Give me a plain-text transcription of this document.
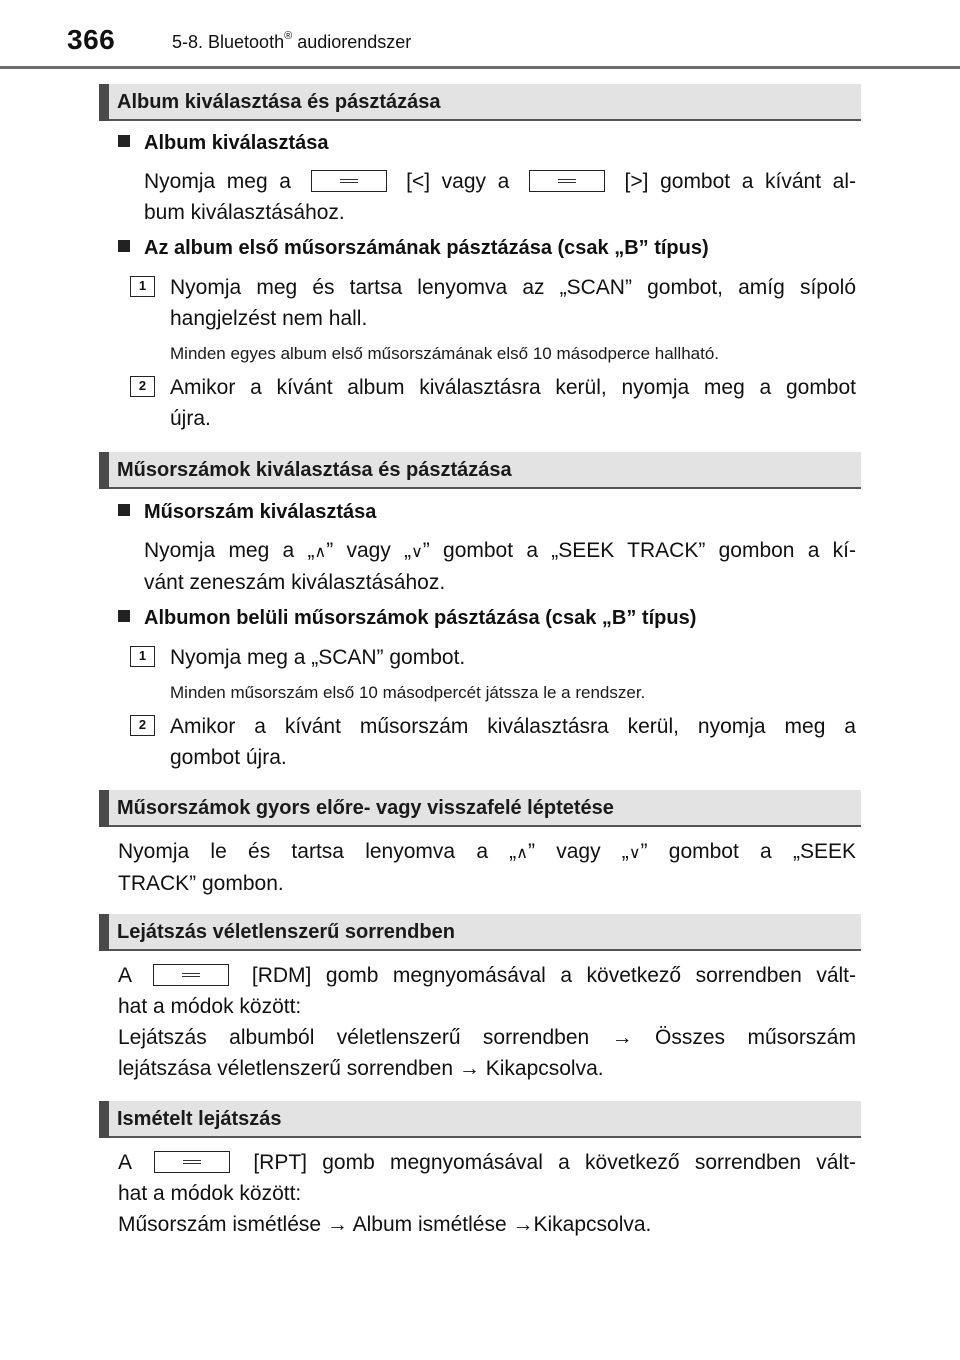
366	5-8. Bluetooth® audiorendszer
Album kiválasztása és pásztázása
Album kiválasztása
Nyomja meg a	[<] vagy a	[>] gombot a kívánt al-
bum kiválasztásához.
Az album első műsorszámának pásztázása (csak „B” típus)
1	Nyomja meg és tartsa lenyomva az „SCAN” gombot, amíg sípoló
hangjelzést nem hall.
Minden egyes album első műsorszámának első 10 másodperce hallható.
2	Amikor a kívánt album kiválasztásra kerül, nyomja meg a gombot
újra.
Műsorszámok kiválasztása és pásztázása
Műsorszám kiválasztása
Nyomja meg a „∧” vagy „∨” gombot a „SEEK TRACK” gombon a kí-
vánt zeneszám kiválasztásához.
Albumon belüli műsorszámok pásztázása (csak „B” típus)
1	Nyomja meg a „SCAN” gombot.
Minden műsorszám első 10 másodpercét játssza le a rendszer.
2	Amikor a kívánt műsorszám kiválasztásra kerül, nyomja meg a
gombot újra.
Műsorszámok gyors előre- vagy visszafelé léptetése
Nyomja le és tartsa lenyomva a „∧” vagy „∨” gombot a „SEEK
TRACK” gombon.
Lejátszás véletlenszerű sorrendben
A	[RDM] gomb megnyomásával a következő sorrendben vált-
hat a módok között:
Lejátszás albumból véletlenszerű sorrendben → Összes műsorszám
lejátszása véletlenszerű sorrendben → Kikapcsolva.
Ismételt lejátszás
A	[RPT] gomb megnyomásával a következő sorrendben vált-
hat a módok között:
Műsorszám ismétlése → Album ismétlése →Kikapcsolva.
